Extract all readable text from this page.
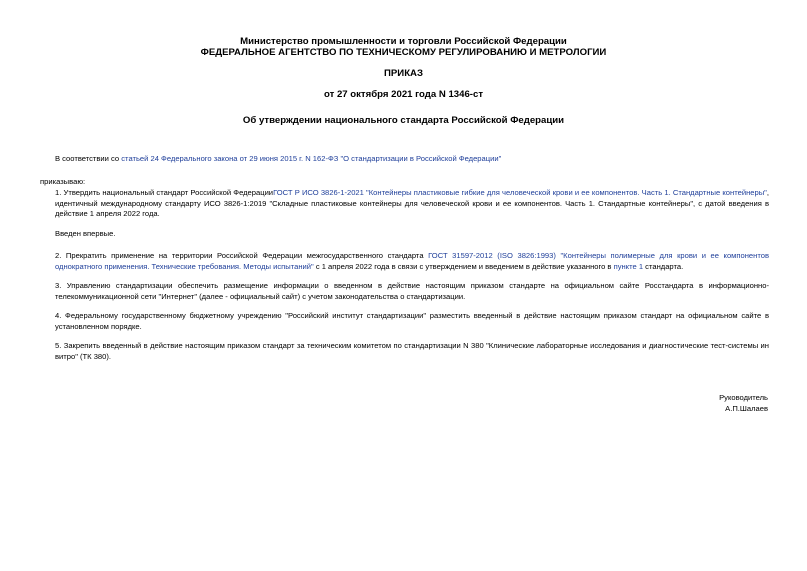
Министерство промышленности и торговли Российской Федерации
ФЕДЕРАЛЬНОЕ АГЕНТСТВО ПО ТЕХНИЧЕСКОМУ РЕГУЛИРОВАНИЮ И МЕТРОЛОГИИ
ПРИКАЗ
от 27 октября 2021 года N 1346-ст
Об утверждении национального стандарта Российской Федерации
В соответствии со статьей 24 Федерального закона от 29 июня 2015 г. N 162-ФЗ "О стандартизации в Российской Федерации"
приказываю:
1. Утвердить национальный стандарт Российской ФедерацииГОСТ Р ИСО 3826-1-2021 "Контейнеры пластиковые гибкие для человеческой крови и ее компонентов. Часть 1. Стандартные контейнеры", идентичный международному стандарту ИСО 3826-1:2019 "Складные пластиковые контейнеры для человеческой крови и ее компонентов. Часть 1. Стандартные контейнеры", с датой введения в действие 1 апреля 2022 года.
Введен впервые.
2. Прекратить применение на территории Российской Федерации межгосударственного стандарта ГОСТ 31597-2012 (ISO 3826:1993) "Контейнеры полимерные для крови и ее компонентов однократного применения. Технические требования. Методы испытаний" с 1 апреля 2022 года в связи с утверждением и введением в действие указанного в пункте 1 стандарта.
3. Управлению стандартизации обеспечить размещение информации о введенном в действие настоящим приказом стандарте на официальном сайте Росстандарта в информационно-телекоммуникационной сети "Интернет" (далее - официальный сайт) с учетом законодательства о стандартизации.
4. Федеральному государственному бюджетному учреждению "Российский институт стандартизации" разместить введенный в действие настоящим приказом стандарт на официальном сайте в установленном порядке.
5. Закрепить введенный в действие настоящим приказом стандарт за техническим комитетом по стандартизации N 380 "Клинические лабораторные исследования и диагностические тест-системы ин витро" (ТК 380).
Руководитель
А.П.Шалаев
